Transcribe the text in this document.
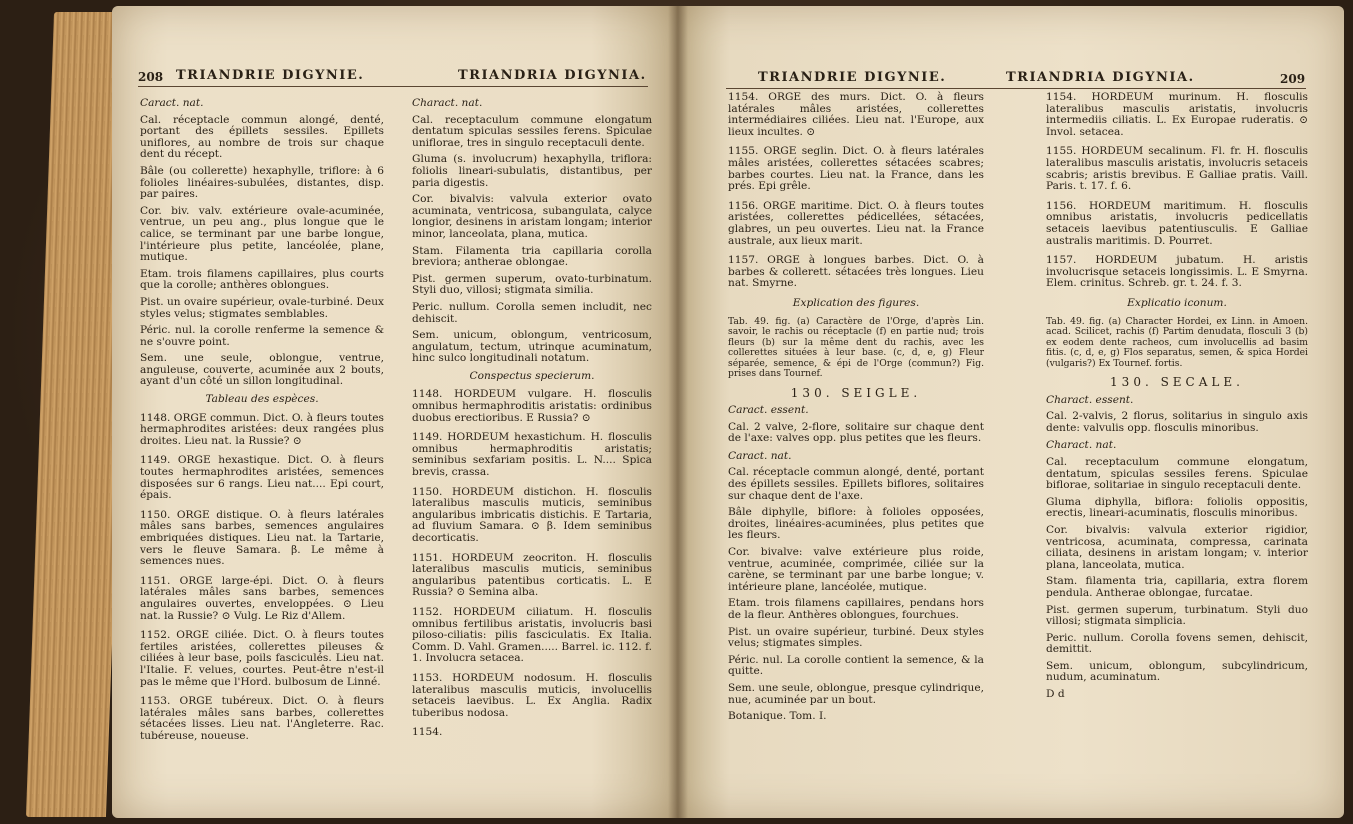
208 TRIANDRIE DIGYNIE.	TRIANDRIA DIGYNIA.

Caract. nat.

Cal. réceptacle commun alongé, denté, portant des épillets sessiles. Epillets uniflores, au nombre de trois sur chaque dent du récept.

Bâle (ou collerette) hexaphylle, triflore: à 6 folioles linéaires-subulées, distantes, disp. par paires.

Cor. biv. valv. extérieure ovale-acuminée, ventrue, un peu ang., plus longue que le calice, se terminant par une barbe longue, l'intérieure plus petite, lancéolée, plane, mutique.

Etam. trois filamens capillaires, plus courts que la corolle; anthères oblongues.

Pist. un ovaire supérieur, ovale-turbiné. Deux styles velus; stigmates semblables.

Péric. nul. la corolle renferme la semence & ne s'ouvre point.

Sem. une seule, oblongue, ventrue, anguleuse, couverte, acuminée aux 2 bouts, ayant d'un côté un sillon longitudinal.

Tableau des espèces.

1148. ORGE commun. Dict. O. à fleurs toutes hermaphrodites aristées: deux rangées plus droites. Lieu nat. la Russie? ⊙

1149. ORGE hexastique. Dict. O. à fleurs toutes hermaphrodites aristées, semences disposées sur 6 rangs. Lieu nat.... Epi court, épais.

1150. ORGE distique. O. à fleurs latérales mâles sans barbes, semences angulaires embriquées distiques. Lieu nat. la Tartarie, vers le fleuve Samara. β. Le même à semences nues.

1151. ORGE large-épi. Dict. O. à fleurs latérales mâles sans barbes, semences angulaires ouvertes, enveloppées. ⊙ Lieu nat. la Russie? ⊙ Vulg. Le Riz d'Allem.

1152. ORGE ciliée. Dict. O. à fleurs toutes fertiles aristées, collerettes pileuses & ciliées à leur base, poils fasciculés. Lieu nat. l'Italie. F. velues, courtes. Peut-être n'est-il pas le même que l'Hord. bulbosum de Linné.

1153. ORGE tubéreux. Dict. O. à fleurs latérales mâles sans barbes, collerettes sétacées lisses. Lieu nat. l'Angleterre. Rac. tubéreuse, noueuse.

Charact. nat.

Cal. receptaculum commune elongatum dentatum spiculas sessiles ferens. Spiculae uniflorae, tres in singulo receptaculi dente.

Gluma (s. involucrum) hexaphylla, triflora: foliolis lineari-subulatis, distantibus, per paria digestis.

Cor. bivalvis: valvula exterior ovato acuminata, ventricosa, subangulata, calyce longior, desinens in aristam longam; interior minor, lanceolata, plana, mutica.

Stam. Filamenta tria capillaria corolla breviora; antherae oblongae.

Pist. germen superum, ovato-turbinatum. Styli duo, villosi; stigmata similia.

Peric. nullum. Corolla semen includit, nec dehiscit.

Sem. unicum, oblongum, ventricosum, angulatum, tectum, utrinque acuminatum, hinc sulco longitudinali notatum.

Conspectus specierum.

1148. HORDEUM vulgare. H. flosculis omnibus hermaphroditis aristatis: ordinibus duobus erectioribus. E Russia? ⊙

1149. HORDEUM hexastichum. H. flosculis omnibus hermaphroditis aristatis; seminibus sexfariam positis. L. N.... Spica brevis, crassa.

1150. HORDEUM distichon. H. flosculis lateralibus masculis muticis, seminibus angularibus imbricatis distichis. E Tartaria, ad fluvium Samara. ⊙ β. Idem seminibus decorticatis.

1151. HORDEUM zeocriton. H. flosculis lateralibus masculis muticis, seminibus angularibus patentibus corticatis. L. E Russia? ⊙ Semina alba.

1152. HORDEUM ciliatum. H. flosculis omnibus fertilibus aristatis, involucris basi piloso-ciliatis: pilis fasciculatis. Ex Italia. Comm. D. Vahl. Gramen..... Barrel. ic. 112. f. 1. Involucra setacea.

1153. HORDEUM nodosum. H. flosculis lateralibus masculis muticis, involucellis setaceis laevibus. L. Ex Anglia. Radix tuberibus nodosa.

1154.

TRIANDRIE DIGYNIE.	TRIANDRIA DIGYNIA.	209

1154. ORGE des murs. Dict. O. à fleurs latérales mâles aristées, collerettes intermédiaires ciliées. Lieu nat. l'Europe, aux lieux incultes. ⊙

1155. ORGE seglin. Dict. O. à fleurs latérales mâles aristées, collerettes sétacées scabres; barbes courtes. Lieu nat. la France, dans les prés. Epi grêle.

1156. ORGE maritime. Dict. O. à fleurs toutes aristées, collerettes pédicellées, sétacées, glabres, un peu ouvertes. Lieu nat. la France australe, aux lieux marit.

1157. ORGE à longues barbes. Dict. O. à barbes & collerett. sétacées très longues. Lieu nat. Smyrne.

Explication des figures.

Tab. 49. fig. (a) Caractère de l'Orge, d'après Lin. savoir, le rachis ou réceptacle (f) en partie nud; trois fleurs (b) sur la même dent du rachis, avec les collerettes situées à leur base. (c, d, e, g) Fleur séparée, semence, & épi de l'Orge (commun?) Fig. prises dans Tournef.

130. SEIGLE.

Caract. essent.

Cal. 2 valve, 2-flore, solitaire sur chaque dent de l'axe: valves opp. plus petites que les fleurs.

Caract. nat.

Cal. réceptacle commun alongé, denté, portant des épillets sessiles. Epillets biflores, solitaires sur chaque dent de l'axe.

Bâle diphylle, biflore: à folioles opposées, droites, linéaires-acuminées, plus petites que les fleurs.

Cor. bivalve: valve extérieure plus roide, ventrue, acuminée, comprimée, ciliée sur la carène, se terminant par une barbe longue; v. intérieure plane, lancéolée, mutique.

Etam. trois filamens capillaires, pendans hors de la fleur. Anthères oblongues, fourchues.

Pist. un ovaire supérieur, turbiné. Deux styles velus; stigmates simples.

Péric. nul. La corolle contient la semence, & la quitte.

Sem. une seule, oblongue, presque cylindrique, nue, acuminée par un bout.

Botanique. Tom. I.

1154. HORDEUM murinum. H. flosculis lateralibus masculis aristatis, involucris intermediis ciliatis. L. Ex Europae ruderatis. ⊙ Invol. setacea.

1155. HORDEUM secalinum. Fl. fr. H. flosculis lateralibus masculis aristatis, involucris setaceis scabris; aristis brevibus. E Galliae pratis. Vaill. Paris. t. 17. f. 6.

1156. HORDEUM maritimum. H. flosculis omnibus aristatis, involucris pedicellatis setaceis laevibus patentiusculis. E Galliae australis maritimis. D. Pourret.

1157. HORDEUM jubatum. H. aristis involucrisque setaceis longissimis. L. E Smyrna. Elem. crinitus. Schreb. gr. t. 24. f. 3.

Explicatio iconum.

Tab. 49. fig. (a) Character Hordei, ex Linn. in Amoen. acad. Scilicet, rachis (f) Partim denudata, flosculi 3 (b) ex eodem dente racheos, cum involucellis ad basim fitis. (c, d, e, g) Flos separatus, semen, & spica Hordei (vulgaris?) Ex Tournef. fortis.

130. SECALE.

Charact. essent.

Cal. 2-valvis, 2 florus, solitarius in singulo axis dente: valvulis opp. flosculis minoribus.

Charact. nat.

Cal. receptaculum commune elongatum, dentatum, spiculas sessiles ferens. Spiculae biflorae, solitariae in singulo receptaculi dente.

Gluma diphylla, biflora: foliolis oppositis, erectis, lineari-acuminatis, flosculis minoribus.

Cor. bivalvis: valvula exterior rigidior, ventricosa, acuminata, compressa, carinata ciliata, desinens in aristam longam; v. interior plana, lanceolata, mutica.

Stam. filamenta tria, capillaria, extra florem pendula. Antherae oblongae, furcatae.

Pist. germen superum, turbinatum. Styli duo villosi; stigmata simplicia.

Peric. nullum. Corolla fovens semen, dehiscit, demittit.

Sem. unicum, oblongum, subcylindricum, nudum, acuminatum.

D d
